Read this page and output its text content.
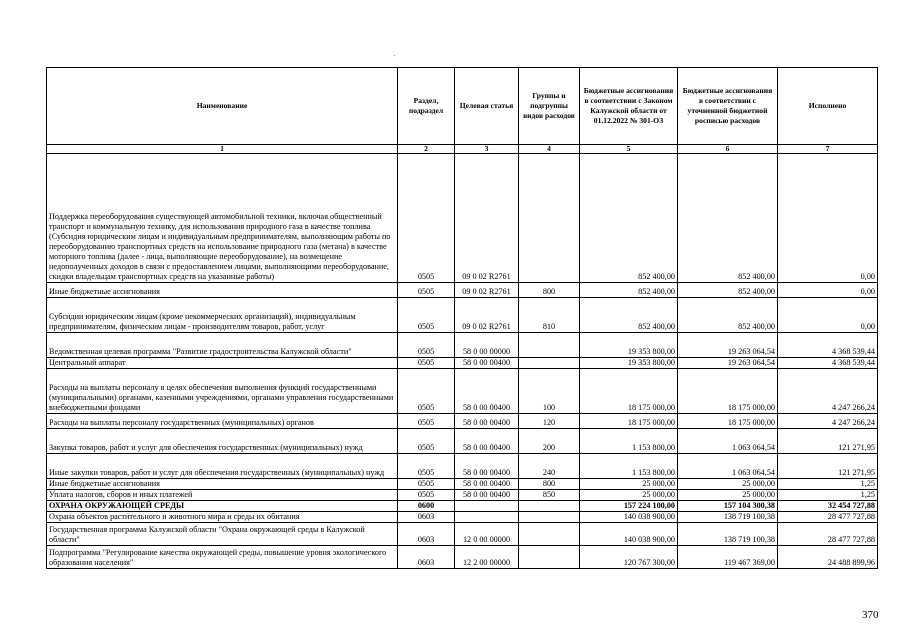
Наименование	Раздел, подраздел	Целевая статья	Группы и подгруппы видов расходов	Бюджетные ассигнования в соответствии с Законом Калужской области от 01.12.2022 № 301-ОЗ	Бюджетные ассигнования в соответствии с уточненной бюджетной росписью расходов	Исполнено
1	2	3	4	5	6	7
Поддержка переоборудования существующей автомобильной техники, включая общественный транспорт и коммунальную технику, для использования природного газа в качестве топлива (Субсидия юридическим лицам и индивидуальным предпринимателям, выполняющим работы по переоборудованию транспортных средств на использование природного газа (метана) в качестве моторного топлива (далее - лица, выполняющие переоборудование), на возмещение недополученных доходов в связи с предоставлением лицами, выполняющими переоборудование, скидки владельцам транспортных средств на указанные работы)	0505	09 0 02 R2761		852 400,00	852 400,00	0,00
Иные бюджетные ассигнования	0505	09 0 02 R2761	800	852 400,00	852 400,00	0,00
Субсидии юридическим лицам (кроме некоммерческих организаций), индивидуальным предпринимателям, физическим лицам - производителям товаров, работ, услуг	0505	09 0 02 R2761	810	852 400,00	852 400,00	0,00
Ведомственная целевая программа "Развитие градостроительства Калужской области"	0505	58 0 00 00000		19 353 800,00	19 263 064,54	4 368 539,44
Центральный аппарат	0505	58 0 00 00400		19 353 800,00	19 263 064,54	4 368 539,44
Расходы на выплаты персоналу в целях обеспечения выполнения функций государственными (муниципальными) органами, казенными учреждениями, органами управления государственными внебюджетными фондами	0505	58 0 00 00400	100	18 175 000,00	18 175 000,00	4 247 266,24
Расходы на выплаты персоналу государственных (муниципальных) органов	0505	58 0 00 00400	120	18 175 000,00	18 175 000,00	4 247 266,24
Закупка товаров, работ и услуг для обеспечения государственных (муниципальных) нужд	0505	58 0 00 00400	200	1 153 800,00	1 063 064,54	121 271,95
Иные закупки товаров, работ и услуг для обеспечения государственных (муниципальных) нужд	0505	58 0 00 00400	240	1 153 800,00	1 063 064,54	121 271,95
Иные бюджетные ассигнования	0505	58 0 00 00400	800	25 000,00	25 000,00	1,25
Уплата налогов, сборов и иных платежей	0505	58 0 00 00400	850	25 000,00	25 000,00	1,25
ОХРАНА ОКРУЖАЮЩЕЙ СРЕДЫ	0600			157 224 100,00	157 104 300,38	32 454 727,88
Охрана объектов растительного и животного мира и среды их обитания	0603			140 038 900,00	138 719 100,38	28 477 727,88
Государственная программа Калужской области "Охрана окружающей среды в Калужской области"	0603	12 0 00 00000		140 038 900,00	138 719 100,38	28 477 727,88
Подпрограмма "Регулирование качества окружающей среды, повышение уровня экологического образования населения"	0603	12 2 00 00000		120 767 300,00	119 467 369,00	24 488 899,96
370
